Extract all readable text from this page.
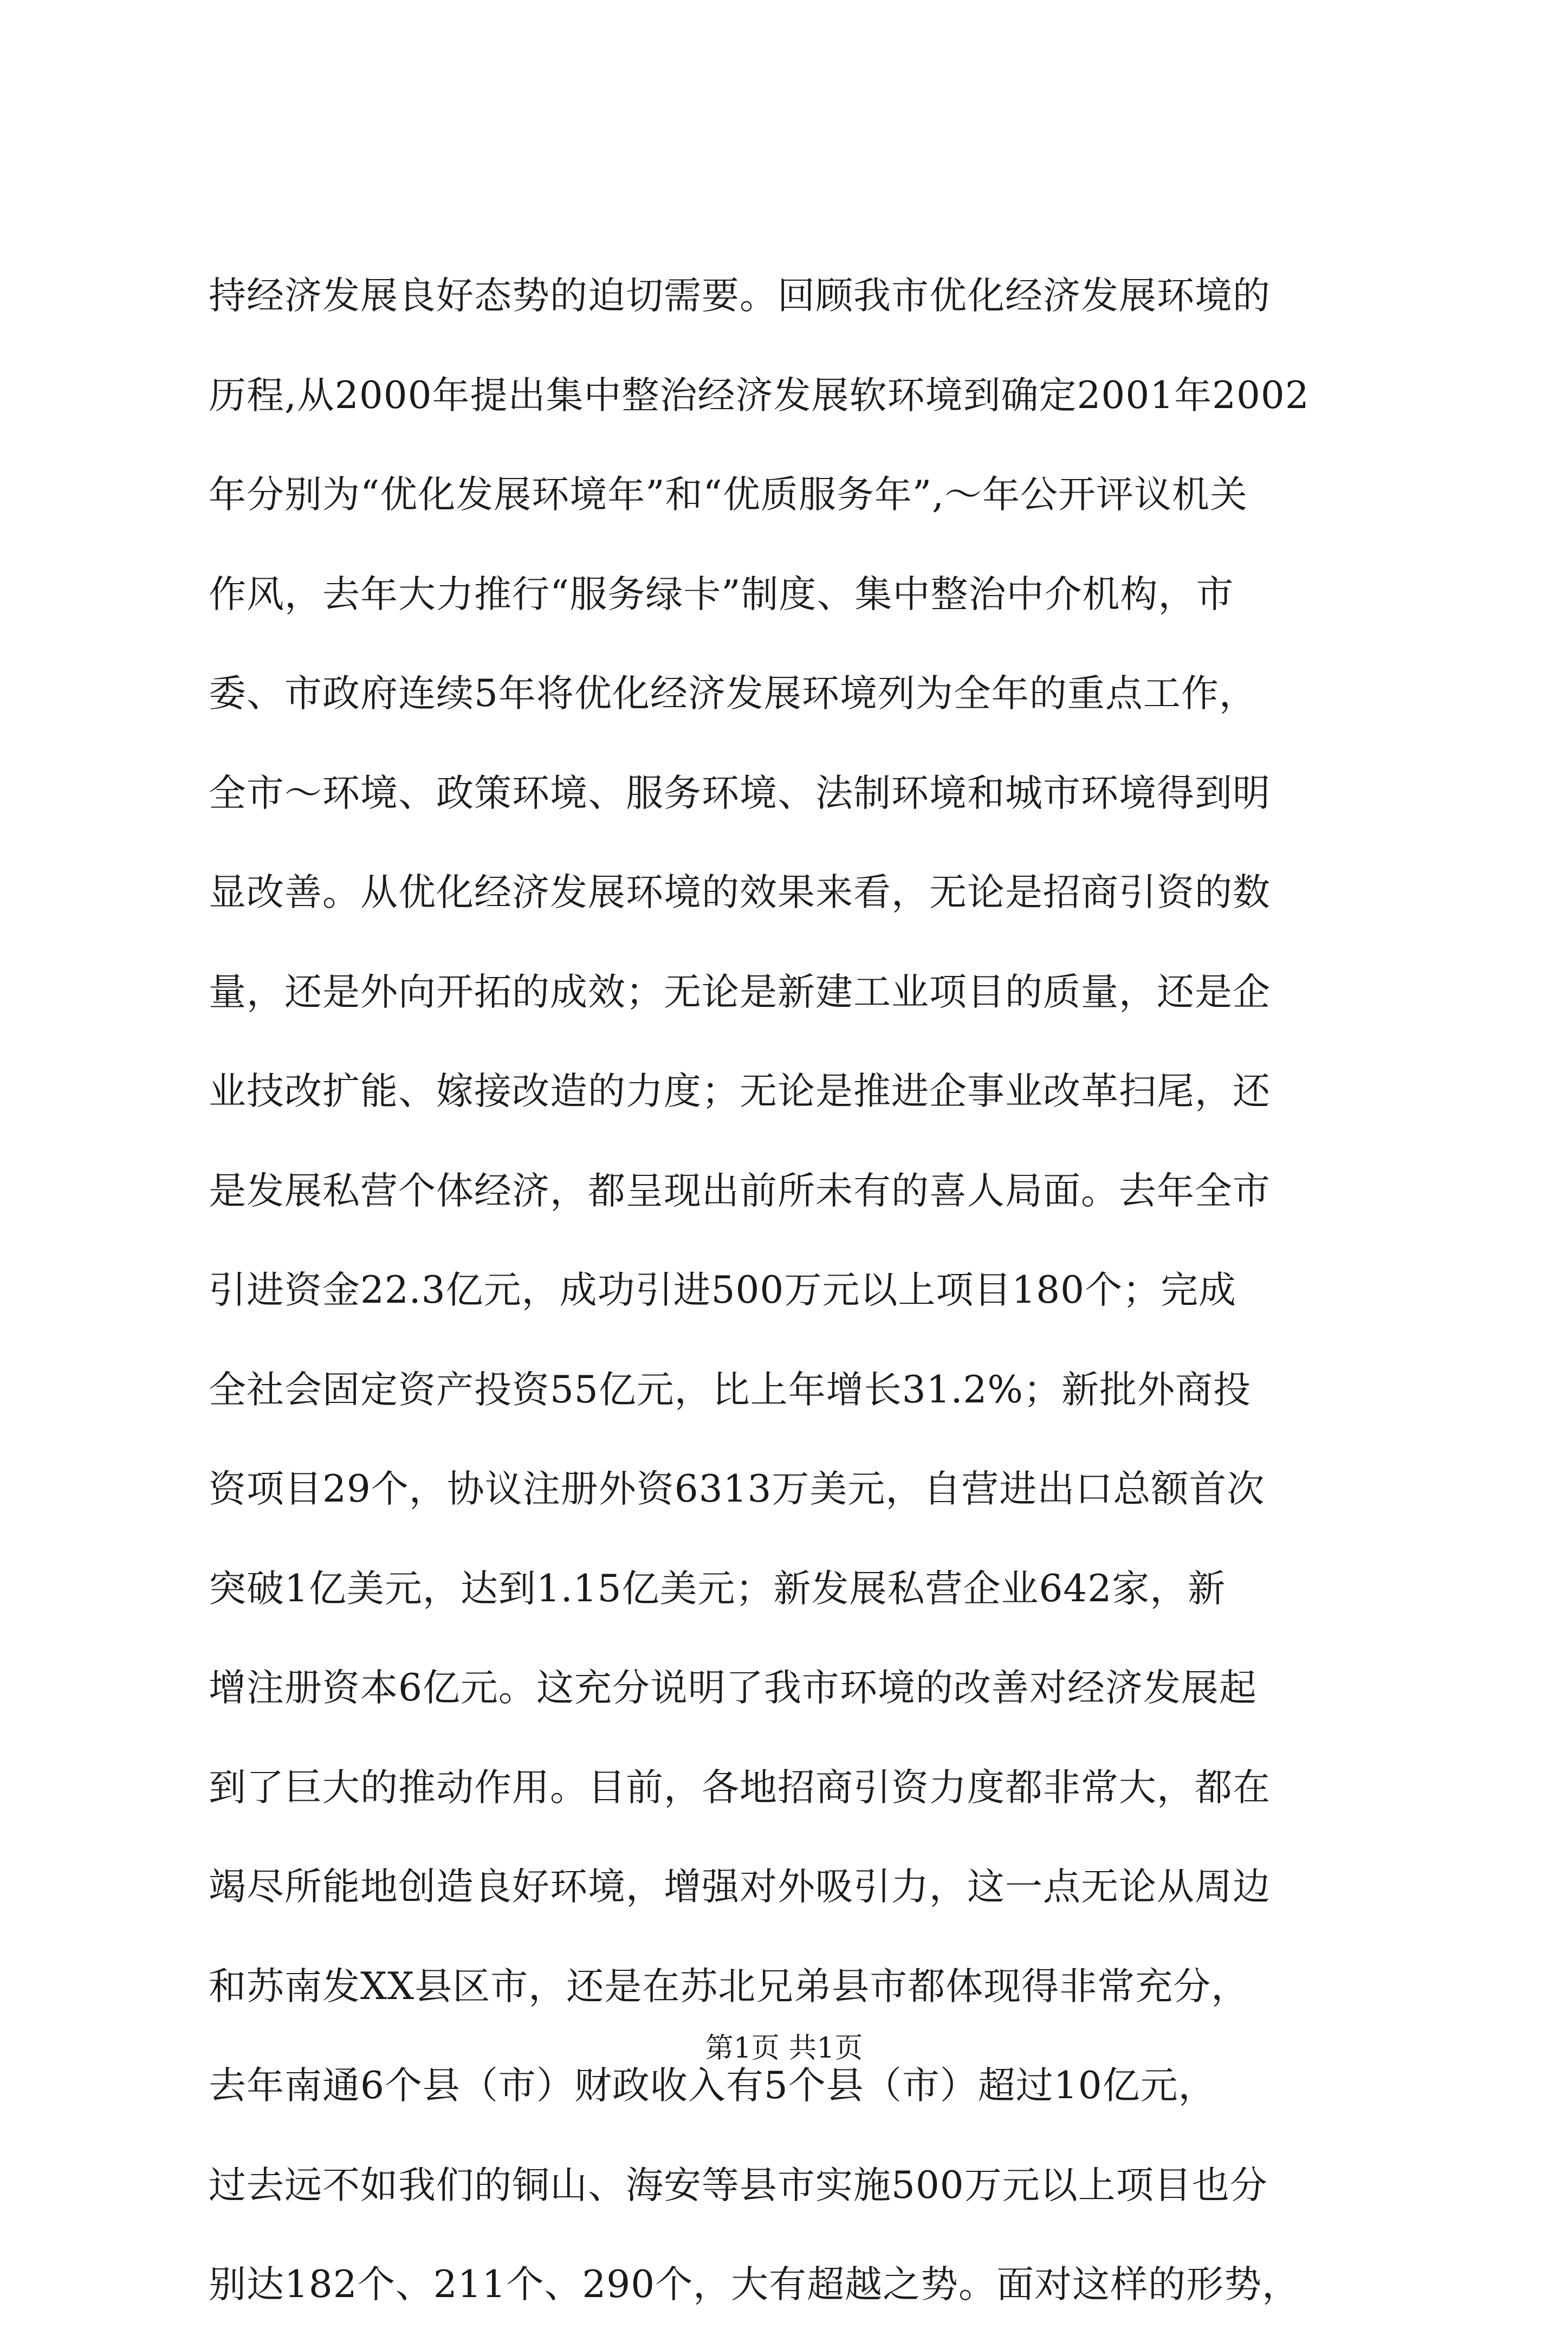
持经济发展良好态势的迫切需要。回顾我市优化经济发展环境的
历程,从2000年提出集中整治经济发展软环境到确定2001年2002
年分别为“优化发展环境年”和“优质服务年”,～年公开评议机关
作风，去年大力推行“服务绿卡”制度、集中整治中介机构，市
委、市政府连续5年将优化经济发展环境列为全年的重点工作，
全市～环境、政策环境、服务环境、法制环境和城市环境得到明
显改善。从优化经济发展环境的效果来看，无论是招商引资的数
量，还是外向开拓的成效；无论是新建工业项目的质量，还是企
业技改扩能、嫁接改造的力度；无论是推进企事业改革扫尾，还
是发展私营个体经济，都呈现出前所未有的喜人局面。去年全市
引进资金22.3亿元，成功引进500万元以上项目180个；完成
全社会固定资产投资55亿元，比上年增长31.2%；新批外商投
资项目29个，协议注册外资6313万美元，自营进出口总额首次
突破1亿美元，达到1.15亿美元；新发展私营企业642家，新
增注册资本6亿元。这充分说明了我市环境的改善对经济发展起
到了巨大的推动作用。目前，各地招商引资力度都非常大，都在
竭尽所能地创造良好环境，增强对外吸引力，这一点无论从周边
和苏南发XX县区市，还是在苏北兄弟县市都体现得非常充分，
去年南通6个县（市）财政收入有5个县（市）超过10亿元，
过去远不如我们的铜山、海安等县市实施500万元以上项目也分
别达182个、211个、290个，大有超越之势。面对这样的形势，
第1页 共1页
